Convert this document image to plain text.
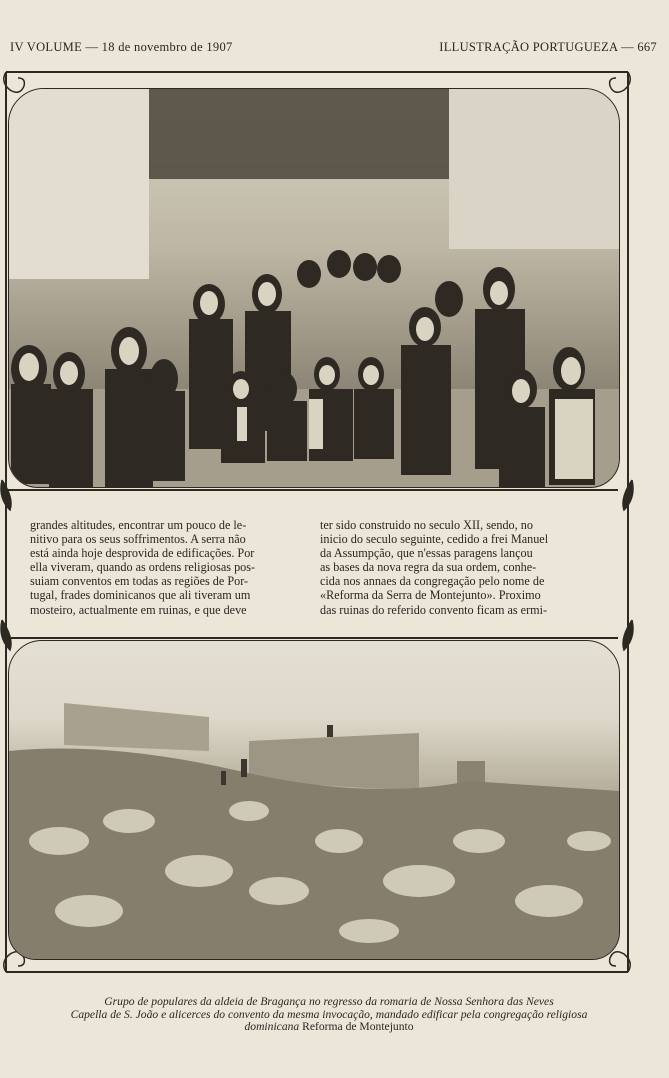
IV VOLUME — 18 de novembro de 1907	ILLUSTRAÇÃO PORTUGUEZA — 667
grandes altitudes, encontrar um pouco de le-
nitivo para os seus soffrimentos. A serra não
está ainda hoje desprovida de edificações. Por
ella viveram, quando as ordens religiosas pos-
suiam conventos em todas as regiões de Por-
tugal, frades dominicanos que ali tiveram um
mosteiro, actualmente em ruinas, e que deve
ter sido construido no seculo XII, sendo, no
inicio do seculo seguinte, cedido a frei Manuel
da Assumpção, que n'essas paragens lançou
as bases da nova regra da sua ordem, conhe-
cida nos annaes da congregação pelo nome de
«Reforma da Serra de Montejunto». Proximo
das ruinas do referido convento ficam as ermi-
Grupo de populares da aldeia de Bragança no regresso da romaria de Nossa Senhora das Neves
Capella de S. João e alicerces do convento da mesma invocação, mandado edificar pela congregação religiosa
dominicana Reforma de Montejunto
